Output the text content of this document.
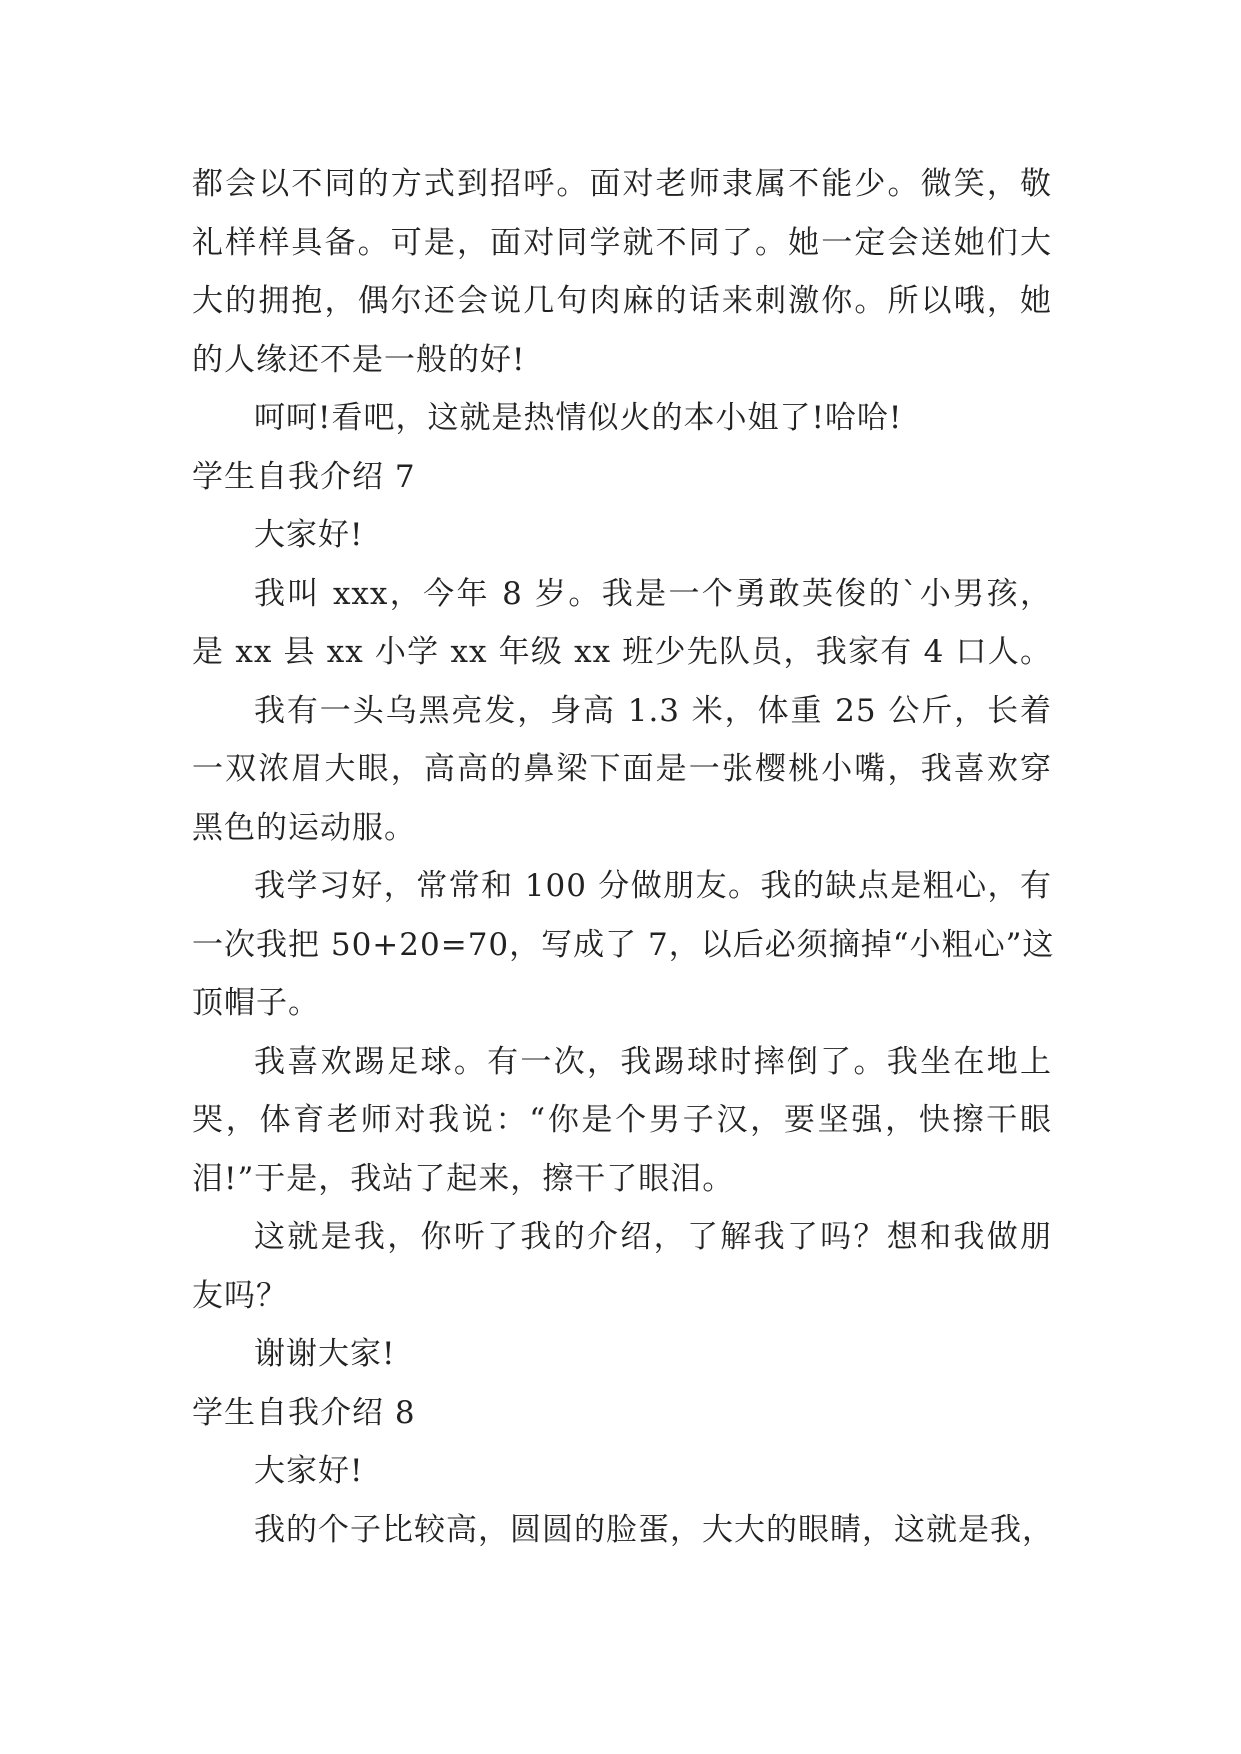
都会以不同的方式到招呼。面对老师隶属不能少。微笑，敬
礼样样具备。可是，面对同学就不同了。她一定会送她们大
大的拥抱，偶尔还会说几句肉麻的话来刺激你。所以哦，她
的人缘还不是一般的好!
呵呵!看吧，这就是热情似火的本小姐了!哈哈!
学生自我介绍 7
大家好!
我叫 xxx，今年 8 岁。我是一个勇敢英俊的`小男孩，
是 xx 县 xx 小学 xx 年级 xx 班少先队员，我家有 4 口人。
我有一头乌黑亮发，身高 1.3 米，体重 25 公斤，长着
一双浓眉大眼，高高的鼻梁下面是一张樱桃小嘴，我喜欢穿
黑色的运动服。
我学习好，常常和 100 分做朋友。我的缺点是粗心，有
一次我把 50+20=70，写成了 7，以后必须摘掉“小粗心”这
顶帽子。
我喜欢踢足球。有一次，我踢球时摔倒了。我坐在地上
哭，体育老师对我说：“你是个男子汉，要坚强，快擦干眼
泪!”于是，我站了起来，擦干了眼泪。
这就是我，你听了我的介绍，了解我了吗？想和我做朋
友吗？
谢谢大家!
学生自我介绍 8
大家好!
我的个子比较高，圆圆的脸蛋，大大的眼睛，这就是我，
